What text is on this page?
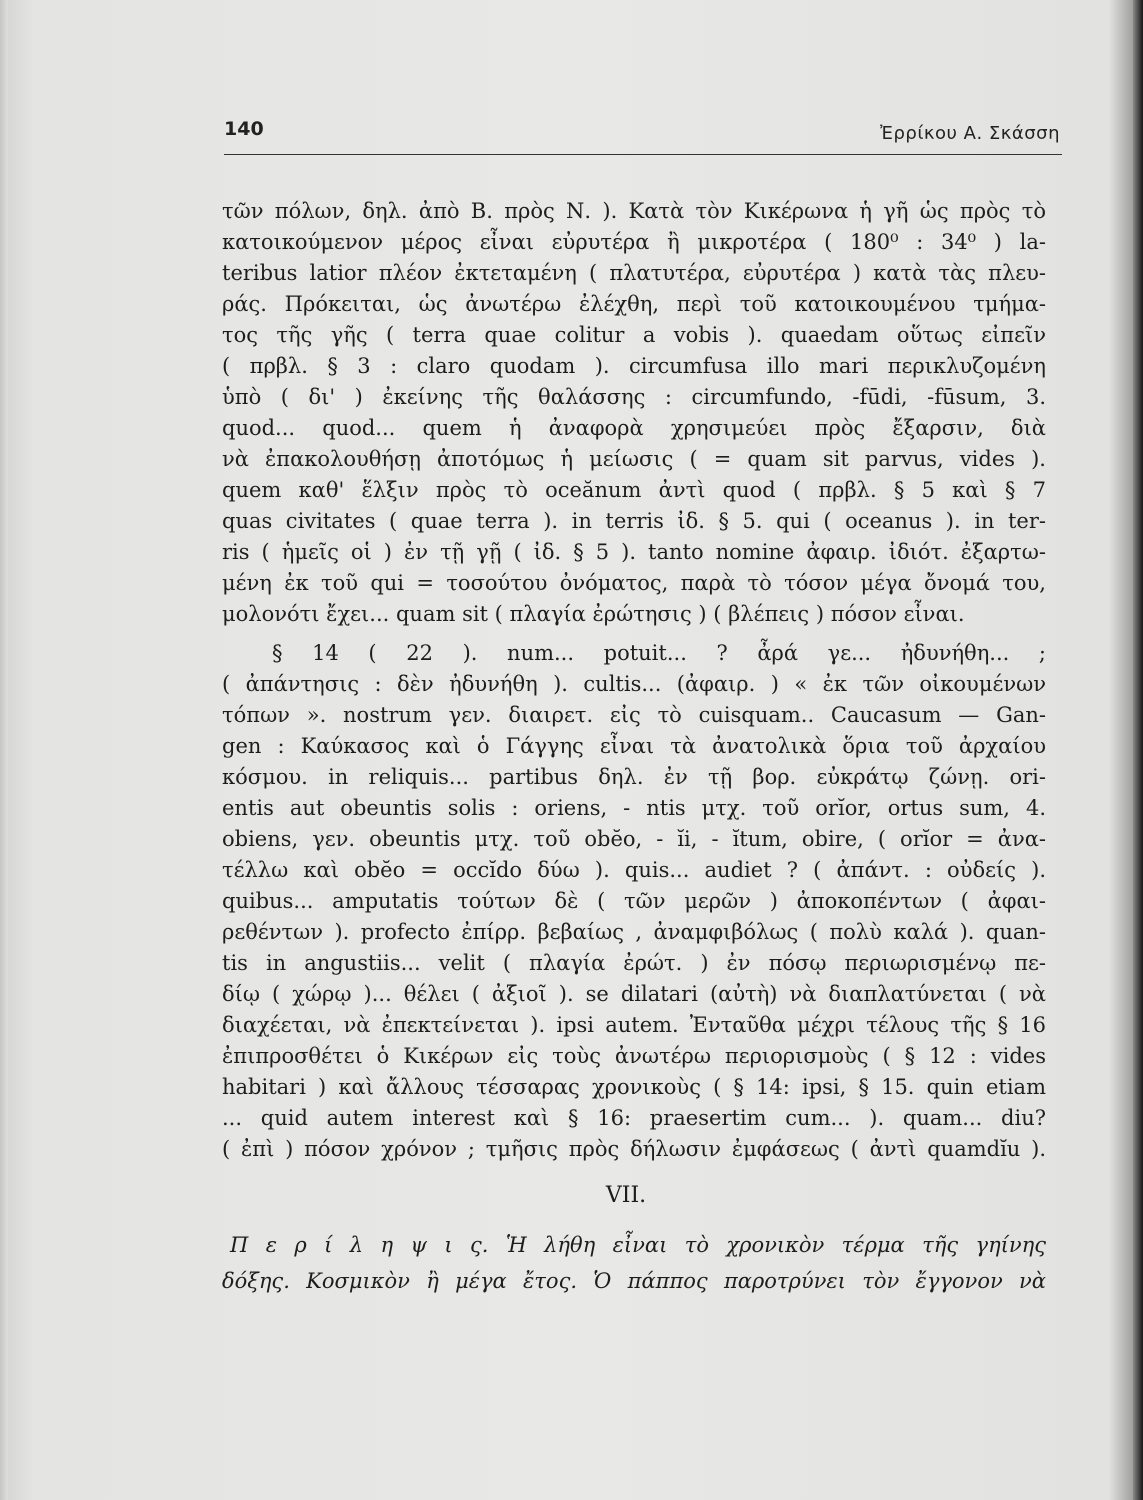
140	Ἐρρίκου Α. Σκάσση
τῶν πόλων, δηλ. ἀπὸ Β. πρὸς Ν. ). Κατὰ τὸν Κικέρωνα ἡ γῆ ὡς πρὸς τὸ
κατοικούμενον μέρος εἶναι εὐρυτέρα ἢ μικροτέρα ( 180⁰ : 34⁰ ) la-
teribus latior πλέον ἐκτεταμένη ( πλατυτέρα, εὐρυτέρα ) κατὰ τὰς πλευ-
ράς. Πρόκειται, ὡς ἀνωτέρω ἐλέχθη, περὶ τοῦ κατοικουμένου τμήμα-
τος τῆς γῆς ( terra quae colitur a vobis ). quaedam οὕτως εἰπεῖν
( πρβλ. § 3 : claro quodam ). circumfusa illo mari περικλυζομένη
ὑπὸ ( δι' ) ἐκείνης τῆς θαλάσσης : circumfundo, -fūdi, -fūsum, 3.
quod... quod... quem ἡ ἀναφορὰ χρησιμεύει πρὸς ἔξαρσιν, διὰ
νὰ ἐπακολουθήσῃ ἀποτόμως ἡ μείωσις ( = quam sit parvus, vides ).
quem καθ' ἕλξιν πρὸς τὸ oceănum ἀντὶ quod ( πρβλ. § 5 καὶ § 7
quas civitates ( quae terra ). in terris ἰδ. § 5. qui ( oceanus ). in ter-
ris ( ἡμεῖς οἱ ) ἐν τῇ γῇ ( ἰδ. § 5 ). tanto nomine ἀφαιρ. ἰδιότ. ἐξαρτω-
μένη ἐκ τοῦ qui = τοσούτου ὀνόματος, παρὰ τὸ τόσον μέγα ὄνομά του,
μολονότι ἔχει... quam sit ( πλαγία ἐρώτησις ) ( βλέπεις ) πόσον εἶναι.
§ 14 ( 22 ). num... potuit... ? ἆρά γε... ἠδυνήθη... ;
( ἀπάντησις : δὲν ἠδυνήθη ). cultis... (ἀφαιρ. ) « ἐκ τῶν οἰκουμένων
τόπων ». nostrum γεν. διαιρετ. εἰς τὸ cuisquam.. Caucasum — Gan-
gen : Καύκασος καὶ ὁ Γάγγης εἶναι τὰ ἀνατολικὰ ὅρια τοῦ ἀρχαίου
κόσμου. in reliquis... partibus δηλ. ἐν τῇ βορ. εὐκράτῳ ζώνῃ. ori-
entis aut obeuntis solis : oriens, - ntis μτχ. τοῦ orĭor, ortus sum, 4.
obiens, γεν. obeuntis μτχ. τοῦ obĕo, - ĭi, - ĭtum, obire, ( orĭor = ἀνα-
τέλλω καὶ obĕo = occĭdo δύω ). quis... audiet ? ( ἀπάντ. : οὐδείς ).
quibus... amputatis τούτων δὲ ( τῶν μερῶν ) ἀποκοπέντων ( ἀφαι-
ρεθέντων ). profecto ἐπίρρ. βεβαίως , ἀναμφιβόλως ( πολὺ καλά ). quan-
tis in angustiis... velit ( πλαγία ἐρώτ. ) ἐν πόσῳ περιωρισμένῳ πε-
δίῳ ( χώρῳ )... θέλει ( ἀξιοῖ ). se dilatari (αὐτὴ) νὰ διαπλατύνεται ( νὰ
διαχέεται, νὰ ἐπεκτείνεται ). ipsi autem. Ἐνταῦθα μέχρι τέλους τῆς § 16
ἐπιπροσθέτει ὁ Κικέρων εἰς τοὺς ἀνωτέρω περιορισμοὺς ( § 12 : vides
habitari ) καὶ ἄλλους τέσσαρας χρονικοὺς ( § 14: ipsi, § 15. quin etiam
... quid autem interest καὶ § 16: praesertim cum... ). quam... diu?
( ἐπὶ ) πόσον χρόνον ; τμῆσις πρὸς δήλωσιν ἐμφάσεως ( ἀντὶ quamdĭu ).
VII.
Π ε ρ ί λ η ψ ι ς. Ἡ λήθη εἶναι τὸ χρονικὸν τέρμα τῆς γηίνης
δόξης. Κοσμικὸν ἢ μέγα ἔτος. Ὁ πάππος παροτρύνει τὸν ἔγγονον νὰ
